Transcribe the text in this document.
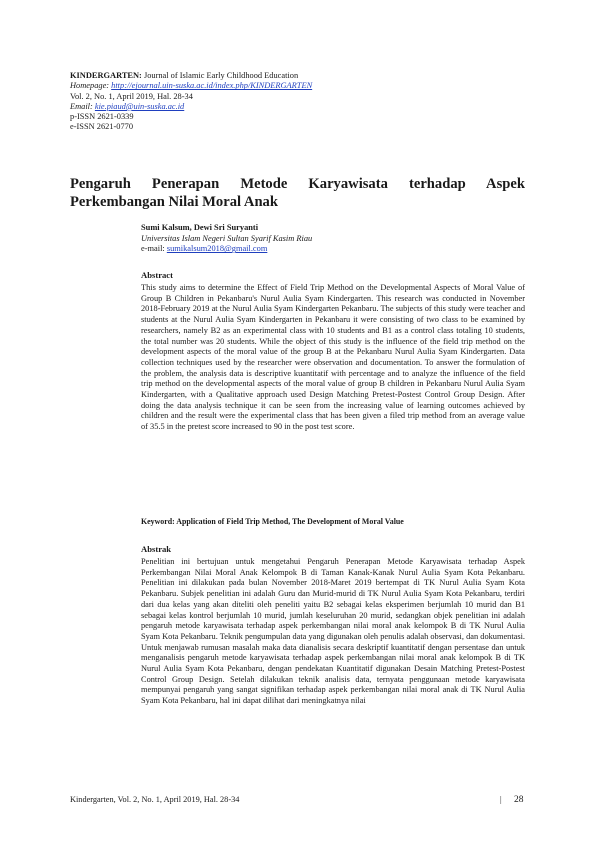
KINDERGARTEN: Journal of Islamic Early Childhood Education
Homepage: http://ejournal.uin-suska.ac.id/index.php/KINDERGARTEN
Vol. 2, No. 1, April 2019, Hal. 28-34
Email: kie.piaud@uin-suska.ac.id
p-ISSN 2621-0339
e-ISSN 2621-0770
Pengaruh Penerapan Metode Karyawisata terhadap Aspek Perkembangan Nilai Moral Anak
Sumi Kalsum, Dewi Sri Suryanti
Universitas Islam Negeri Sultan Syarif Kasim Riau
e-mail: sumikalsum2018@gmail.com
Abstract

This study aims to determine the Effect of Field Trip Method on the Developmental Aspects of Moral Value of Group B Children in Pekanbaru's Nurul Aulia Syam Kindergarten. This research was conducted in November 2018-February 2019 at the Nurul Aulia Syam Kindergarten Pekanbaru. The subjects of this study were teacher and students at the Nurul Aulia Syam Kindergarten in Pekanbaru it were consisting of two class to be examined by researchers, namely B2 as an experimental class with 10 students and B1 as a control class totaling 10 students, the total number was 20 students. While the object of this study is the influence of the field trip method on the development aspects of the moral value of the group B at the Pekanbaru Nurul Aulia Syam Kindergarten. Data collection techniques used by the researcher were observation and documentation. To answer the formulation of the problem, the analysis data is descriptive kuantitatif with percentage and to analyze the influence of the field trip method on the developmental aspects of the moral value of group B children in Pekanbaru Nurul Aulia Syam Kindergarten, with a Qualitative approach used Design Matching Pretest-Postest Control Group Design. After doing the data analysis technique it can be seen from the increasing value of learning outcomes achieved by children and the result were the experimental class that has been given a filed trip method from an average value of 35.5 in the pretest score increased to 90 in the post test score.

Keyword: Application of Field Trip Method, The Development of Moral Value
Abstrak

Penelitian ini bertujuan untuk mengetahui Pengaruh Penerapan Metode Karyawisata terhadap Aspek Perkembangan Nilai Moral Anak Kelompok B di Taman Kanak-Kanak Nurul Aulia Syam Kota Pekanbaru. Penelitian ini dilakukan pada bulan November 2018-Maret 2019 bertempat di TK Nurul Aulia Syam Kota Pekanbaru. Subjek penelitian ini adalah Guru dan Murid-murid di TK Nurul Aulia Syam Kota Pekanbaru, terdiri dari dua kelas yang akan diteliti oleh peneliti yaitu B2 sebagai kelas eksperimen berjumlah 10 murid dan B1 sebagai kelas kontrol berjumlah 10 murid, jumlah keseluruhan 20 murid, sedangkan objek penelitian ini adalah pengaruh metode karyawisata terhadap aspek perkembangan nilai moral anak kelompok B di TK Nurul Aulia Syam Kota Pekanbaru. Teknik pengumpulan data yang digunakan oleh penulis adalah observasi, dan dokumentasi. Untuk menjawab rumusan masalah maka data dianalisis secara deskriptif kuantitatif dengan persentase dan untuk menganalisis pengaruh metode karyawisata terhadap aspek perkembangan nilai moral anak kelompok B di TK Nurul Aulia Syam Kota Pekanbaru, dengan pendekatan Kuantitatif digunakan Desain Matching Pretest-Postest Control Group Design. Setelah dilakukan teknik analisis data, ternyata penggunaan metode karyawisata mempunyai pengaruh yang sangat signifikan terhadap aspek perkembangan nilai moral anak di TK Nurul Aulia Syam Kota Pekanbaru, hal ini dapat dilihat dari meningkatnya nilai

Kindergarten, Vol. 2, No. 1, April 2019, Hal. 28-34	| 28
